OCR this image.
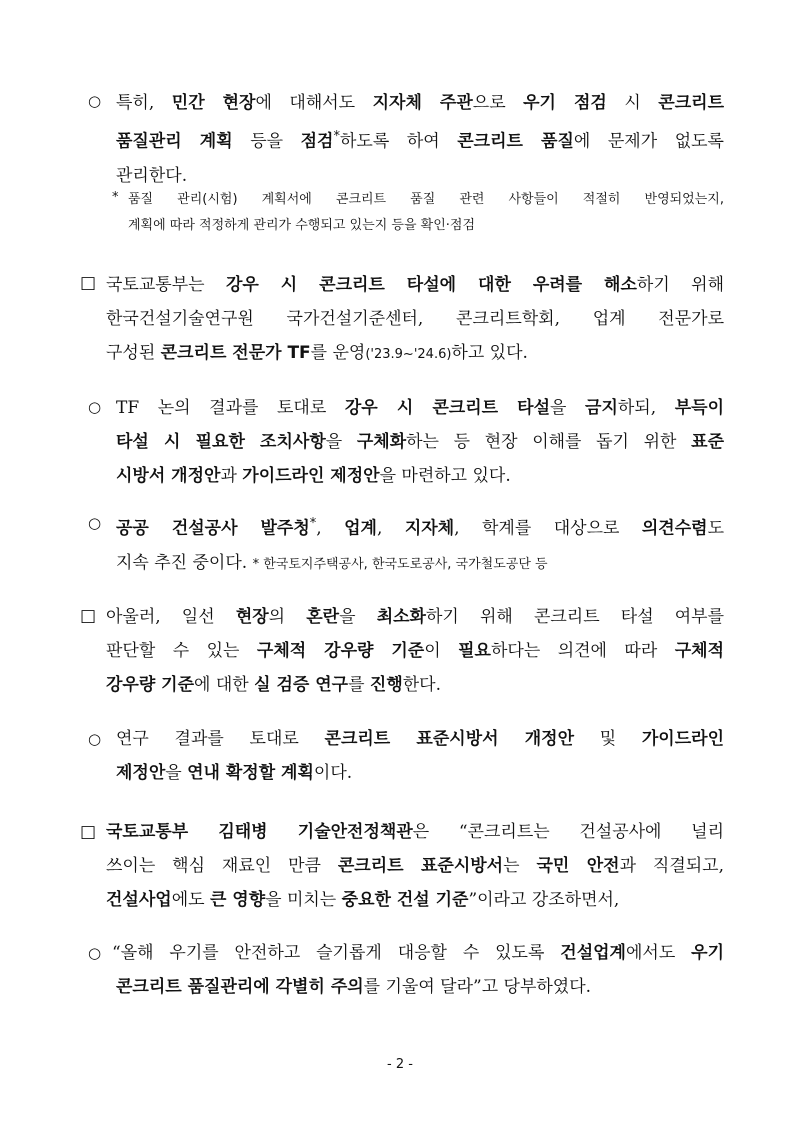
○ 특히, 민간 현장에 대해서도 지자체 주관으로 우기 점검 시 콘크리트

품질관리 계획 등을 점검*하도록 하여 콘크리트 품질에 문제가 없도록

관리한다.

* 품질 관리(시험) 계획서에 콘크리트 품질 관련 사항들이 적절히 반영되었는지,

계획에 따라 적정하게 관리가 수행되고 있는지 등을 확인·점검

□ 국토교통부는 강우 시 콘크리트 타설에 대한 우려를 해소하기 위해

한국건설기술연구원 국가건설기준센터, 콘크리트학회, 업계 전문가로

구성된 콘크리트 전문가 TF를 운영('23.9~'24.6)하고 있다.

○ TF 논의 결과를 토대로 강우 시 콘크리트 타설을 금지하되, 부득이

타설 시 필요한 조치사항을 구체화하는 등 현장 이해를 돕기 위한 표준

시방서 개정안과 가이드라인 제정안을 마련하고 있다.

○ 공공 건설공사 발주청*, 업계, 지자체, 학계를 대상으로 의견수렴도

지속 추진 중이다. * 한국토지주택공사, 한국도로공사, 국가철도공단 등

□ 아울러, 일선 현장의 혼란을 최소화하기 위해 콘크리트 타설 여부를

판단할 수 있는 구체적 강우량 기준이 필요하다는 의견에 따라 구체적

강우량 기준에 대한 실 검증 연구를 진행한다.

○ 연구 결과를 토대로 콘크리트 표준시방서 개정안 및 가이드라인

제정안을 연내 확정할 계획이다.

□ 국토교통부 김태병 기술안전정책관은 “콘크리트는 건설공사에 널리

쓰이는 핵심 재료인 만큼 콘크리트 표준시방서는 국민 안전과 직결되고,

건설사업에도 큰 영향을 미치는 중요한 건설 기준”이라고 강조하면서,

○ “올해 우기를 안전하고 슬기롭게 대응할 수 있도록 건설업계에서도 우기

콘크리트 품질관리에 각별히 주의를 기울여 달라”고 당부하였다.

- 2 -
